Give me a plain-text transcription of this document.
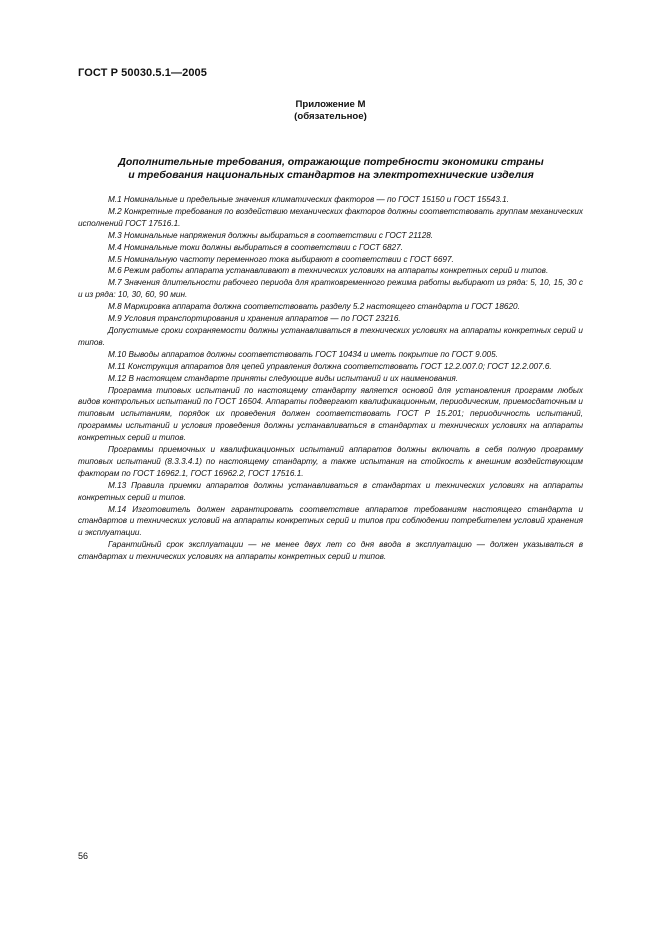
ГОСТ Р 50030.5.1—2005
Приложение М
(обязательное)
Дополнительные требования, отражающие потребности экономики страны
и требования национальных стандартов на электротехнические изделия

М.1 Номинальные и предельные значения климатических факторов — по ГОСТ 15150 и ГОСТ 15543.1.

М.2 Конкретные требования по воздействию механических факторов должны соответствовать группам механических исполнений ГОСТ 17516.1.

М.3 Номинальные напряжения должны выбираться в соответствии с ГОСТ 21128.

М.4 Номинальные токи должны выбираться в соответствии с ГОСТ 6827.

М.5 Номинальную частоту переменного тока выбирают в соответствии с ГОСТ 6697.

М.6 Режим работы аппарата устанавливают в технических условиях на аппараты конкретных серий и типов.

М.7 Значения длительности рабочего периода для кратковременного режима работы выбирают из ряда: 5, 10, 15, 30 с и из ряда: 10, 30, 60, 90 мин.

М.8 Маркировка аппарата должна соответствовать разделу 5.2 настоящего стандарта и ГОСТ 18620.

М.9 Условия транспортирования и хранения аппаратов — по ГОСТ 23216.

Допустимые сроки сохраняемости должны устанавливаться в технических условиях на аппараты конкретных серий и типов.

М.10 Выводы аппаратов должны соответствовать ГОСТ 10434 и иметь покрытие по ГОСТ 9.005.

М.11 Конструкция аппаратов для цепей управления должна соответствовать ГОСТ 12.2.007.0; ГОСТ 12.2.007.6.

М.12 В настоящем стандарте приняты следующие виды испытаний и их наименования.

Программа типовых испытаний по настоящему стандарту является основой для установления программ любых видов контрольных испытаний по ГОСТ 16504. Аппараты подвергают квалификационным, периодическим, приемосдаточным и типовым испытаниям, порядок их проведения должен соответствовать ГОСТ Р 15.201; периодичность испытаний, программы испытаний и условия проведения должны устанавливаться в стандартах и технических условиях на аппараты конкретных серий и типов.

Программы приемочных и квалификационных испытаний аппаратов должны включать в себя полную программу типовых испытаний (8.3.3.4.1) по настоящему стандарту, а также испытания на стойкость к внешним воздействующим факторам по ГОСТ 16962.1, ГОСТ 16962.2, ГОСТ 17516.1.

М.13 Правила приемки аппаратов должны устанавливаться в стандартах и технических условиях на аппараты конкретных серий и типов.

М.14 Изготовитель должен гарантировать соответствие аппаратов требованиям настоящего стандарта и стандартов и технических условий на аппараты конкретных серий и типов при соблюдении потребителем условий хранения и эксплуатации.

Гарантийный срок эксплуатации — не менее двух лет со дня ввода в эксплуатацию — должен указываться в стандартах и технических условиях на аппараты конкретных серий и типов.

56
